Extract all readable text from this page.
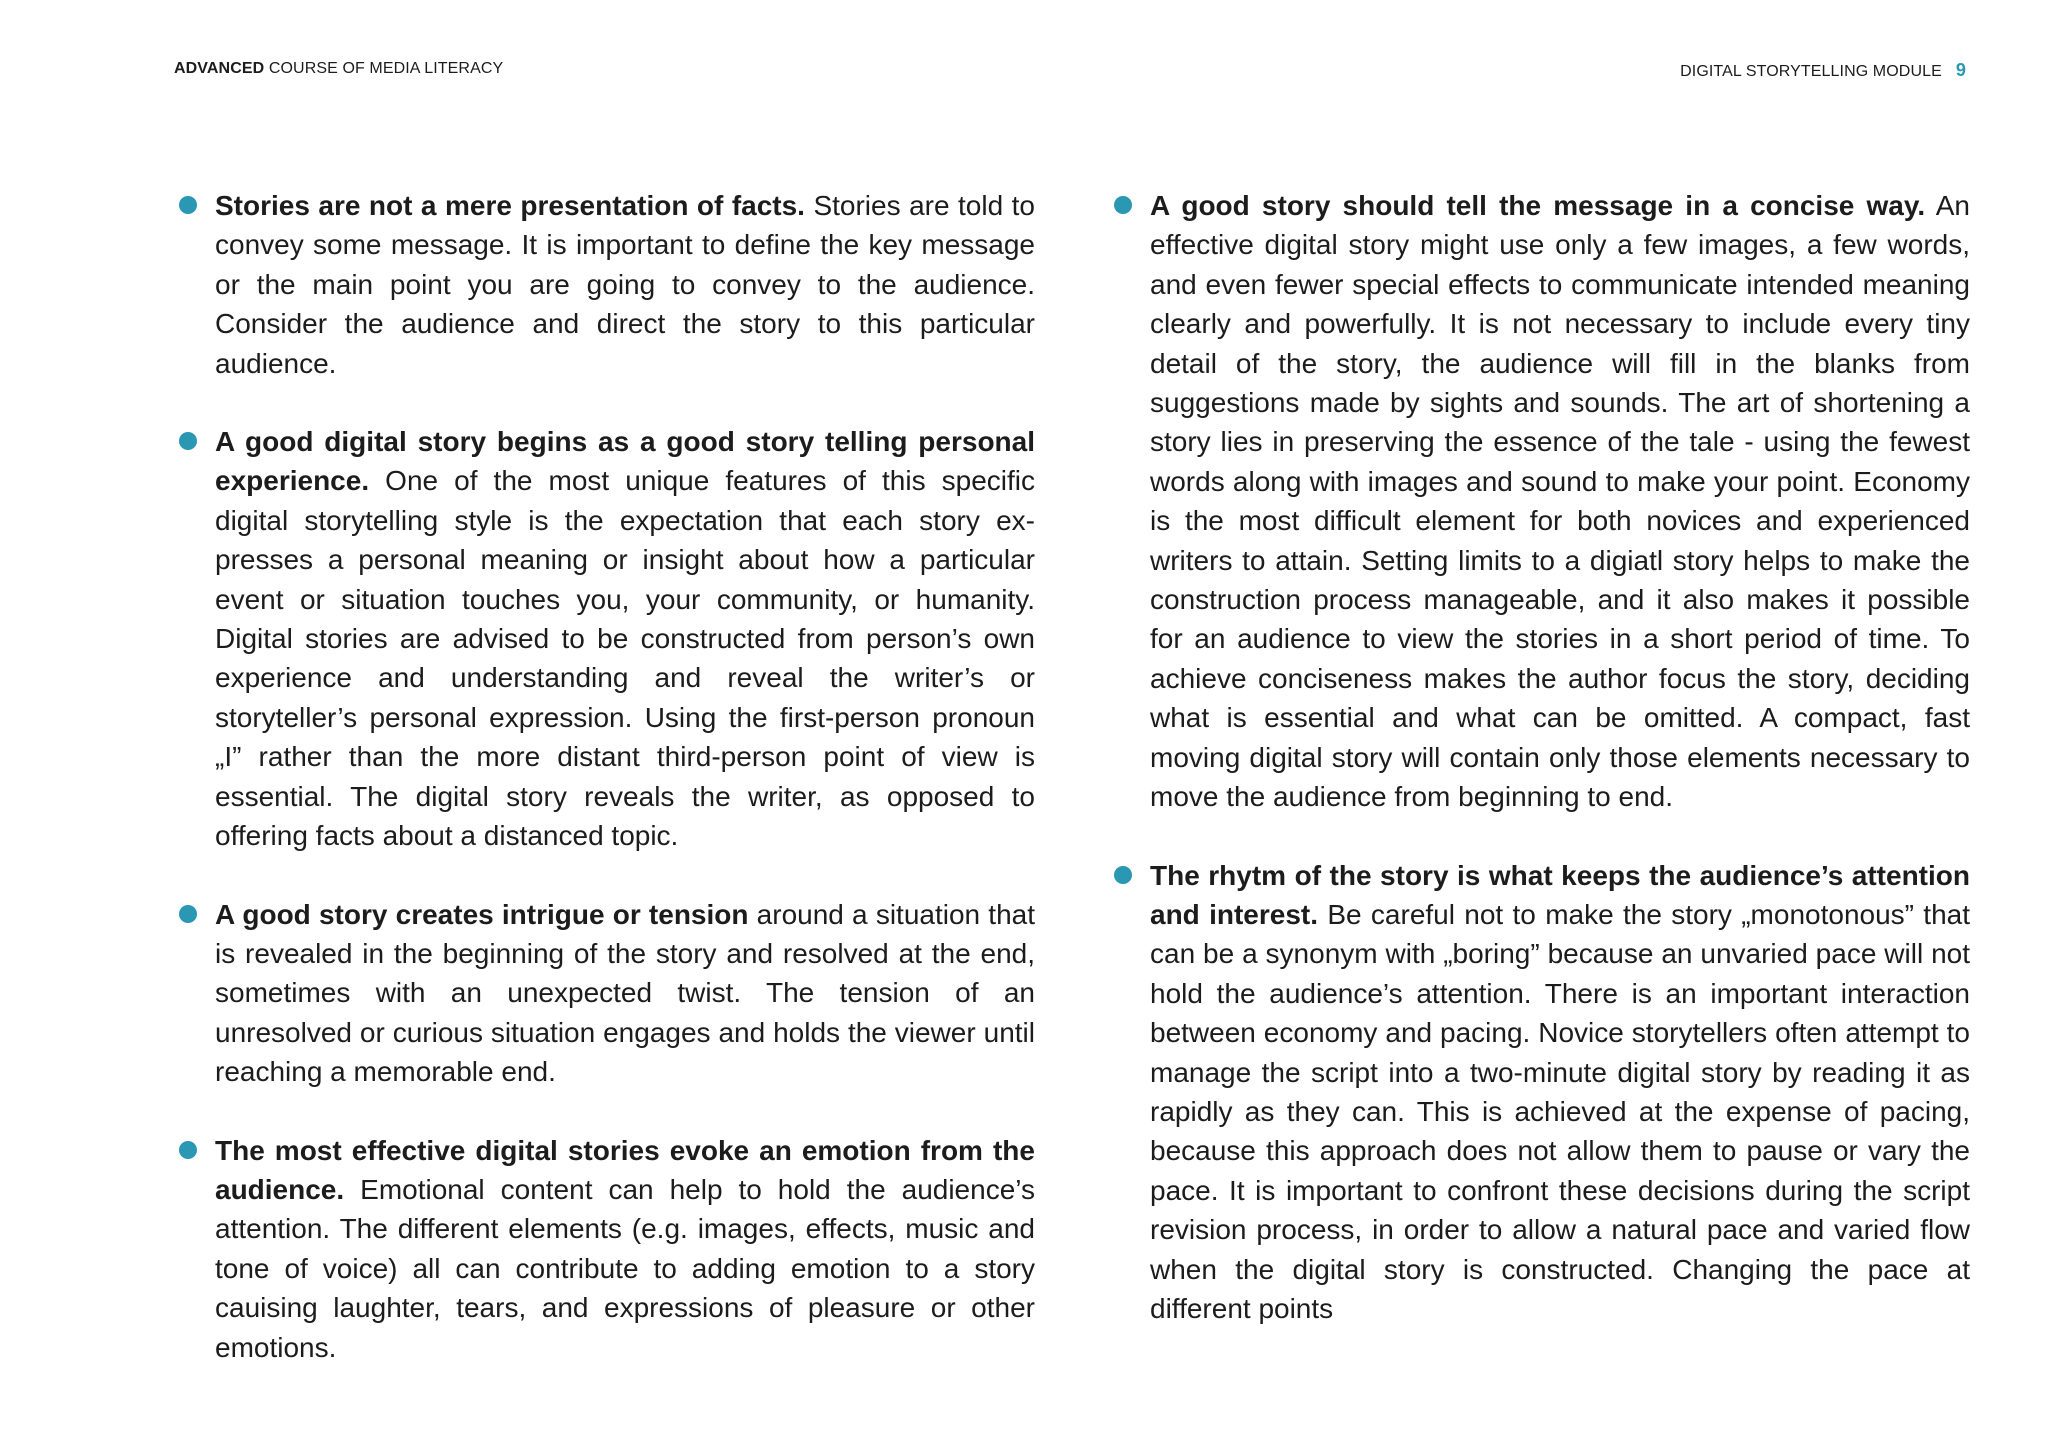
ADVANCED COURSE OF MEDIA LITERACY	DIGITAL STORYTELLING MODULE 9
Stories are not a mere presentation of facts. Stories are told to convey some message. It is important to define the key message or the main point you are going to convey to the audience. Consider the audience and direct the story to this particular audience.
A good digital story begins as a good story telling personal experience. One of the most unique features of this specific digital storytelling style is the expectation that each story expresses a personal meaning or insight about how a particular event or situation touches you, your community, or humanity. Digital stories are advised to be constructed from person’s own experience and understanding and reveal the writer’s or storyteller’s personal expression. Using the first-person pronoun „I” rather than the more distant third-person point of view is essential. The digital story reveals the writer, as opposed to offering facts about a distanced topic.
A good story creates intrigue or tension around a situation that is revealed in the beginning of the story and resolved at the end, sometimes with an unexpected twist. The tension of an unresolved or curious situation engages and holds the viewer until reaching a memorable end.
The most effective digital stories evoke an emotion from the audience. Emotional content can help to hold the audience’s attention. The different elements (e.g. images, effects, music and tone of voice) all can contribute to adding emotion to a story cauising laughter, tears, and expressions of pleasure or other emotions.
A good story should tell the message in a concise way. An effective digital story might use only a few images, a few words, and even fewer special effects to communicate intended meaning clearly and powerfully. It is not necessary to include every tiny detail of the story, the audience will fill in the blanks from suggestions made by sights and sounds. The art of shortening a story lies in preserving the essence of the tale - using the fewest words along with images and sound to make your point. Economy is the most difficult element for both novices and experienced writers to attain. Setting limits to a digiatl story helps to make the construction process manageable, and it also makes it possible for an audience to view the stories in a short period of time. To achieve conciseness makes the author focus the story, deciding what is essential and what can be omitted. A compact, fast moving digital story will contain only those elements necessary to move the audience from beginning to end.
The rhytm of the story is what keeps the audience’s attention and interest. Be careful not to make the story „monotonous” that can be a synonym with „boring” because an unvaried pace will not hold the audience’s attention. There is an important interaction between economy and pacing. Novice storytellers often attempt to manage the script into a two-minute digital story by reading it as rapidly as they can. This is achieved at the expense of pacing, because this approach does not allow them to pause or vary the pace. It is important to confront these decisions during the script revision process, in order to allow a natural pace and varied flow when the digital story is constructed. Changing the pace at different points
